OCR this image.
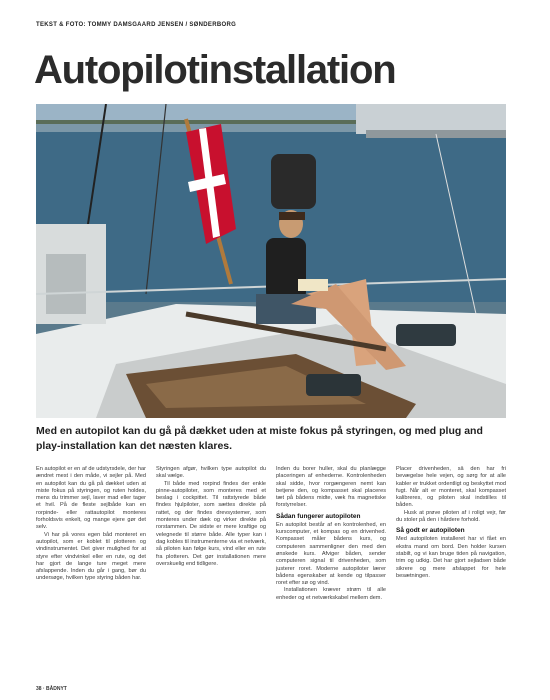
TEKST & FOTO: TOMMY DAMSGAARD JENSEN / SØNDERBORG
Autopilotinstallation

Med en autopilot kan du gå på dækket uden at miste fokus på styringen, og med plug and play-installation kan det næsten klares.

En autopilot er en af de udstyrsdele, der har ændret mest i den måde, vi sejler på. Med en autopilot kan du gå på dækket uden at miste fokus på styringen, og ruten holdes, mens du trimmer sejl, laver mad eller tager et hvil. På de fleste sejlbåde kan en rorpinde- eller rattautopilot monteres forholdsvis enkelt, og mange ejere gør det selv.

Vi har på vores egen båd monteret en autopilot, som er koblet til plotteren og vindinstrumentet. Det giver mulighed for at styre efter vindvinkel eller en rute, og det har gjort de lange ture meget mere afslappende. Inden du går i gang, bør du undersøge, hvilken type styring båden har.

Styringen afgør, hvilken type autopilot du skal vælge.

Til både med rorpind findes der enkle pinne-autopiloter, som monteres med et beslag i cockpittet. Til rattstyrede både findes hjulpiloter, som sættes direkte på rattet, og der findes drevsystemer, som monteres under dæk og virker direkte på rorstammen. De sidste er mere kraftige og velegnede til større både. Alle typer kan i dag kobles til instrumenterne via et netværk, så piloten kan følge kurs, vind eller en rute fra plotteren. Det gør installationen mere overskuelig end tidligere.

Inden du borer huller, skal du planlægge placeringen af enhederne. Kontrolenheden skal sidde, hvor rorgængeren nemt kan betjene den, og kompasset skal placeres tæt på bådens midte, væk fra magnetiske forstyrrelser.

Sådan fungerer autopiloten

En autopilot består af en kontrolenhed, en kurscomputer, et kompas og en drivenhed. Kompasset måler bådens kurs, og computeren sammenligner den med den ønskede kurs. Afviger båden, sender computeren signal til drivenheden, som justerer roret. Moderne autopiloter lærer bådens egenskaber at kende og tilpasser roret efter sø og vind.

Installationen kræver strøm til alle enheder og et netværkskabel mellem dem.

Placer drivenheden, så den har fri bevægelse hele vejen, og sørg for at alle kabler er trukket ordentligt og beskyttet mod fugt. Når alt er monteret, skal kompasset kalibreres, og piloten skal indstilles til båden.

Husk at prøve piloten af i roligt vejr, før du stoler på den i hårdere forhold.

Så godt er autopiloten

Med autopiloten installeret har vi fået en ekstra mand om bord. Den holder kursen stabilt, og vi kan bruge tiden på navigation, trim og udkig. Det har gjort sejladsen både sikrere og mere afslappet for hele besætningen.

38 · BÅDNYT
